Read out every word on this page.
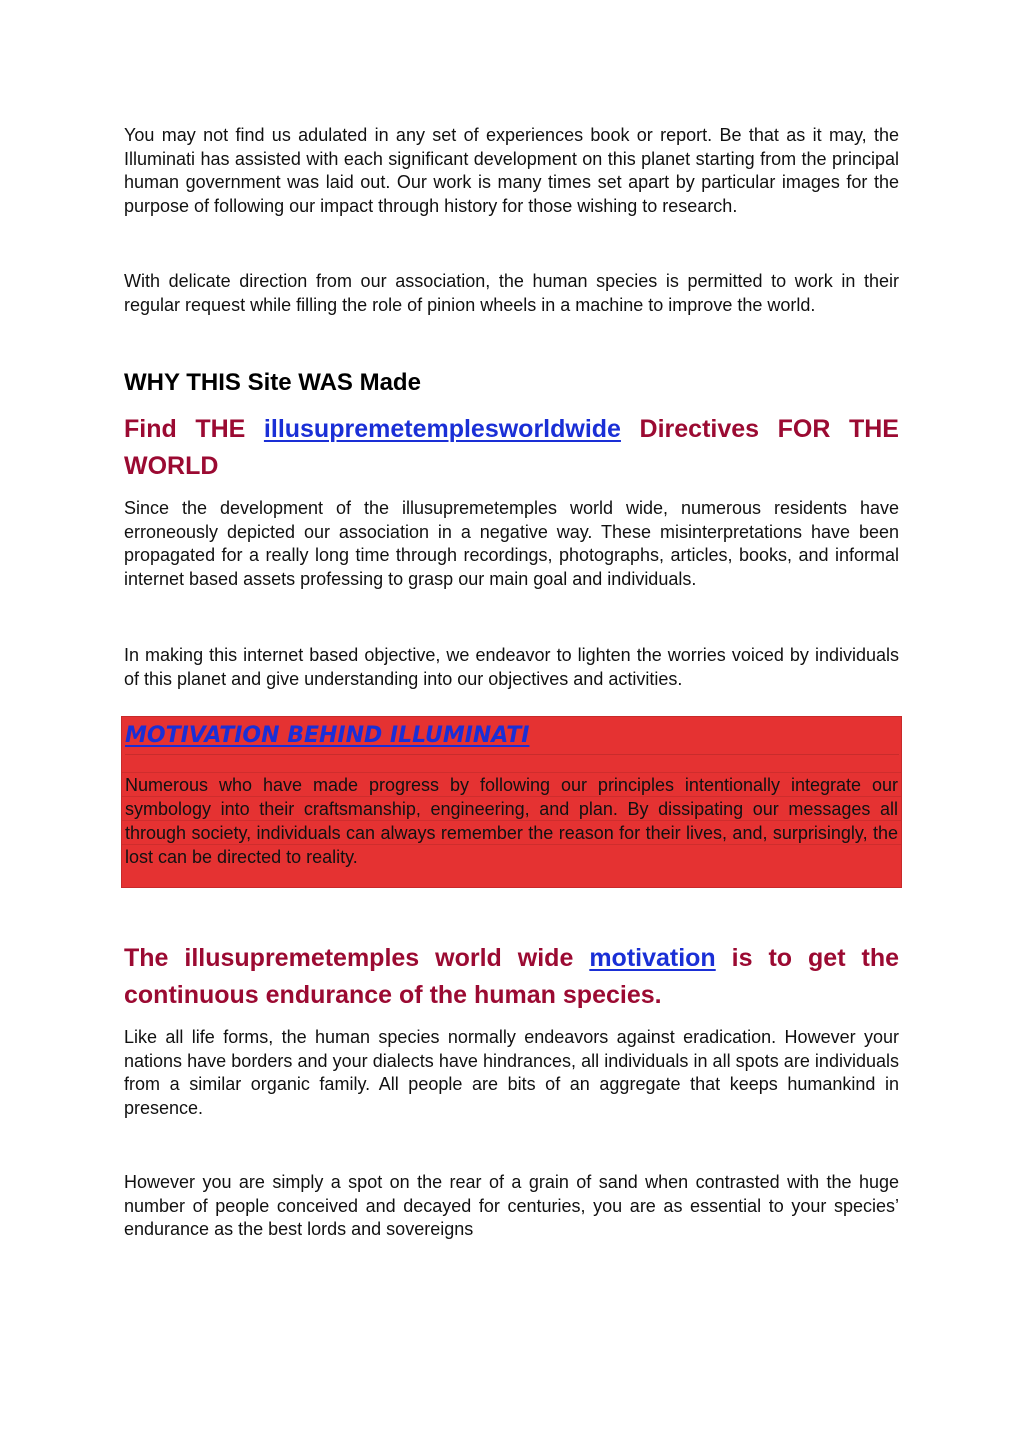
You may not find us adulated in any set of experiences book or report. Be that as it may, the Illuminati has assisted with each significant development on this planet starting from the principal human government was laid out. Our work is many times set apart by particular images for the purpose of following our impact through history for those wishing to research.

With delicate direction from our association, the human species is permitted to work in their regular request while filling the role of pinion wheels in a machine to improve the world.

WHY THIS Site WAS Made
Find THE illusupremetemplesworldwide Directives FOR THE WORLD

Since the development of the illusupremetemples world wide, numerous residents have erroneously depicted our association in a negative way. These misinterpretations have been propagated for a really long time through recordings, photographs, articles, books, and informal internet based assets professing to grasp our main goal and individuals.

In making this internet based objective, we endeavor to lighten the worries voiced by individuals of this planet and give understanding into our objectives and activities.

MOTIVATION BEHIND ILLUMINATI

Numerous who have made progress by following our principles intentionally integrate our symbology into their craftsmanship, engineering, and plan. By dissipating our messages all through society, individuals can always remember the reason for their lives, and, surprisingly, the lost can be directed to reality.

The illusupremetemples world wide motivation is to get the continuous endurance of the human species.

Like all life forms, the human species normally endeavors against eradication. However your nations have borders and your dialects have hindrances, all individuals in all spots are individuals from a similar organic family. All people are bits of an aggregate that keeps humankind in presence.

However you are simply a spot on the rear of a grain of sand when contrasted with the huge number of people conceived and decayed for centuries, you are as essential to your species’ endurance as the best lords and sovereigns
